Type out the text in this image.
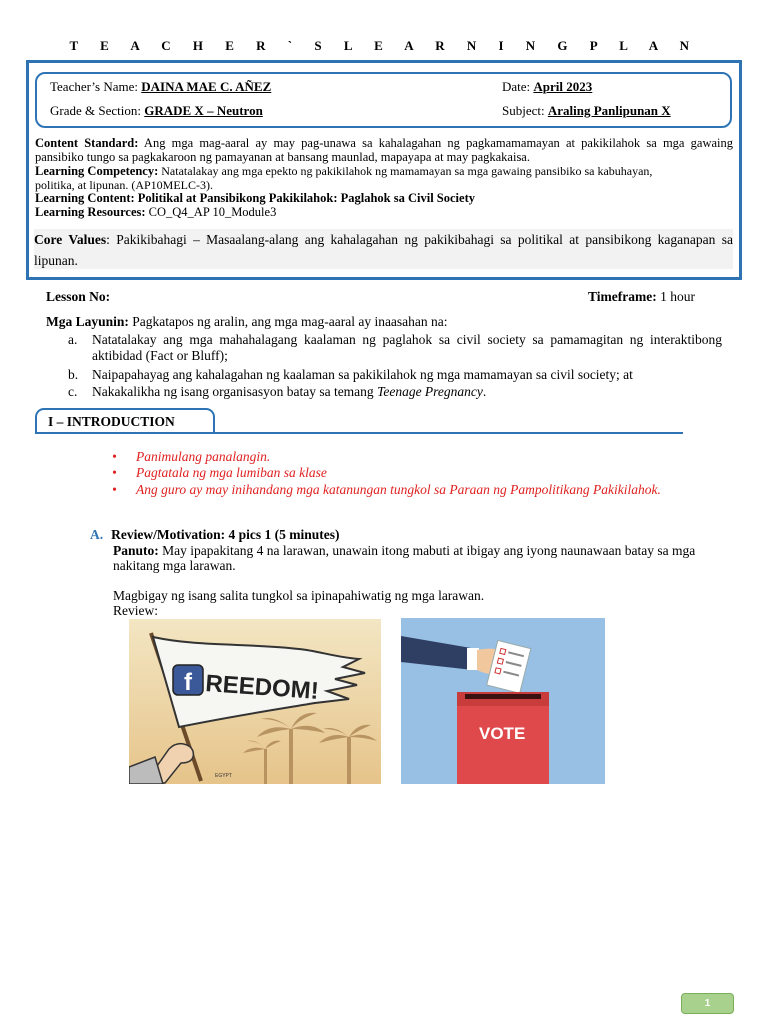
T E A C H E R ` S L E A R N I N G P L A N
Teacher’s Name: DAINA MAE C. AÑEZ	Date: April 2023
Grade & Section: GRADE X – Neutron	Subject: Araling Panlipunan X
Content Standard: Ang mga mag-aaral ay may pag-unawa sa kahalagahan ng pagkamamamayan at pakikilahok sa mga gawaing pansibiko tungo sa pagkakaroon ng pamayanan at bansang maunlad, mapayapa at may pagkakaisa.
Learning Competency: Natatalakay ang mga epekto ng pakikilahok ng mamamayan sa mga gawaing pansibiko sa kabuhayan, politika, at lipunan. (AP10MELC-3).
Learning Content: Politikal at Pansibikong Pakikilahok: Paglahok sa Civil Society
Learning Resources: CO_Q4_AP 10_Module3
Core Values: Pakikibahagi – Masaalang-alang ang kahalagahan ng pakikibahagi sa politikal at pansibikong kaganapan sa lipunan.
Lesson No:	Timeframe: 1 hour
Mga Layunin: Pagkatapos ng aralin, ang mga mag-aaral ay inaasahan na:
a. Natatalakay ang mga mahahalagang kaalaman ng paglahok sa civil society sa pamamagitan ng interaktibong aktibidad (Fact or Bluff);
b. Naipapahayag ang kahalagahan ng kaalaman sa pakikilahok ng mga mamamayan sa civil society; at
c. Nakakalikha ng isang organisasyon batay sa temang Teenage Pregnancy.
I – INTRODUCTION
• Panimulang panalangin.
• Pagtatala ng mga lumiban sa klase
• Ang guro ay may inihandang mga katanungan tungkol sa Paraan ng Pampolitikang Pakikilahok.
A. Review/Motivation: 4 pics 1 (5 minutes)
Panuto: May ipapakitang 4 na larawan, unawain itong mabuti at ibigay ang iyong naunawaan batay sa mga nakitang mga larawan.
Magbigay ng isang salita tungkol sa ipinapahiwatig ng mga larawan.
Review:
f REEDOM!
EGYPT
VOTE
1
